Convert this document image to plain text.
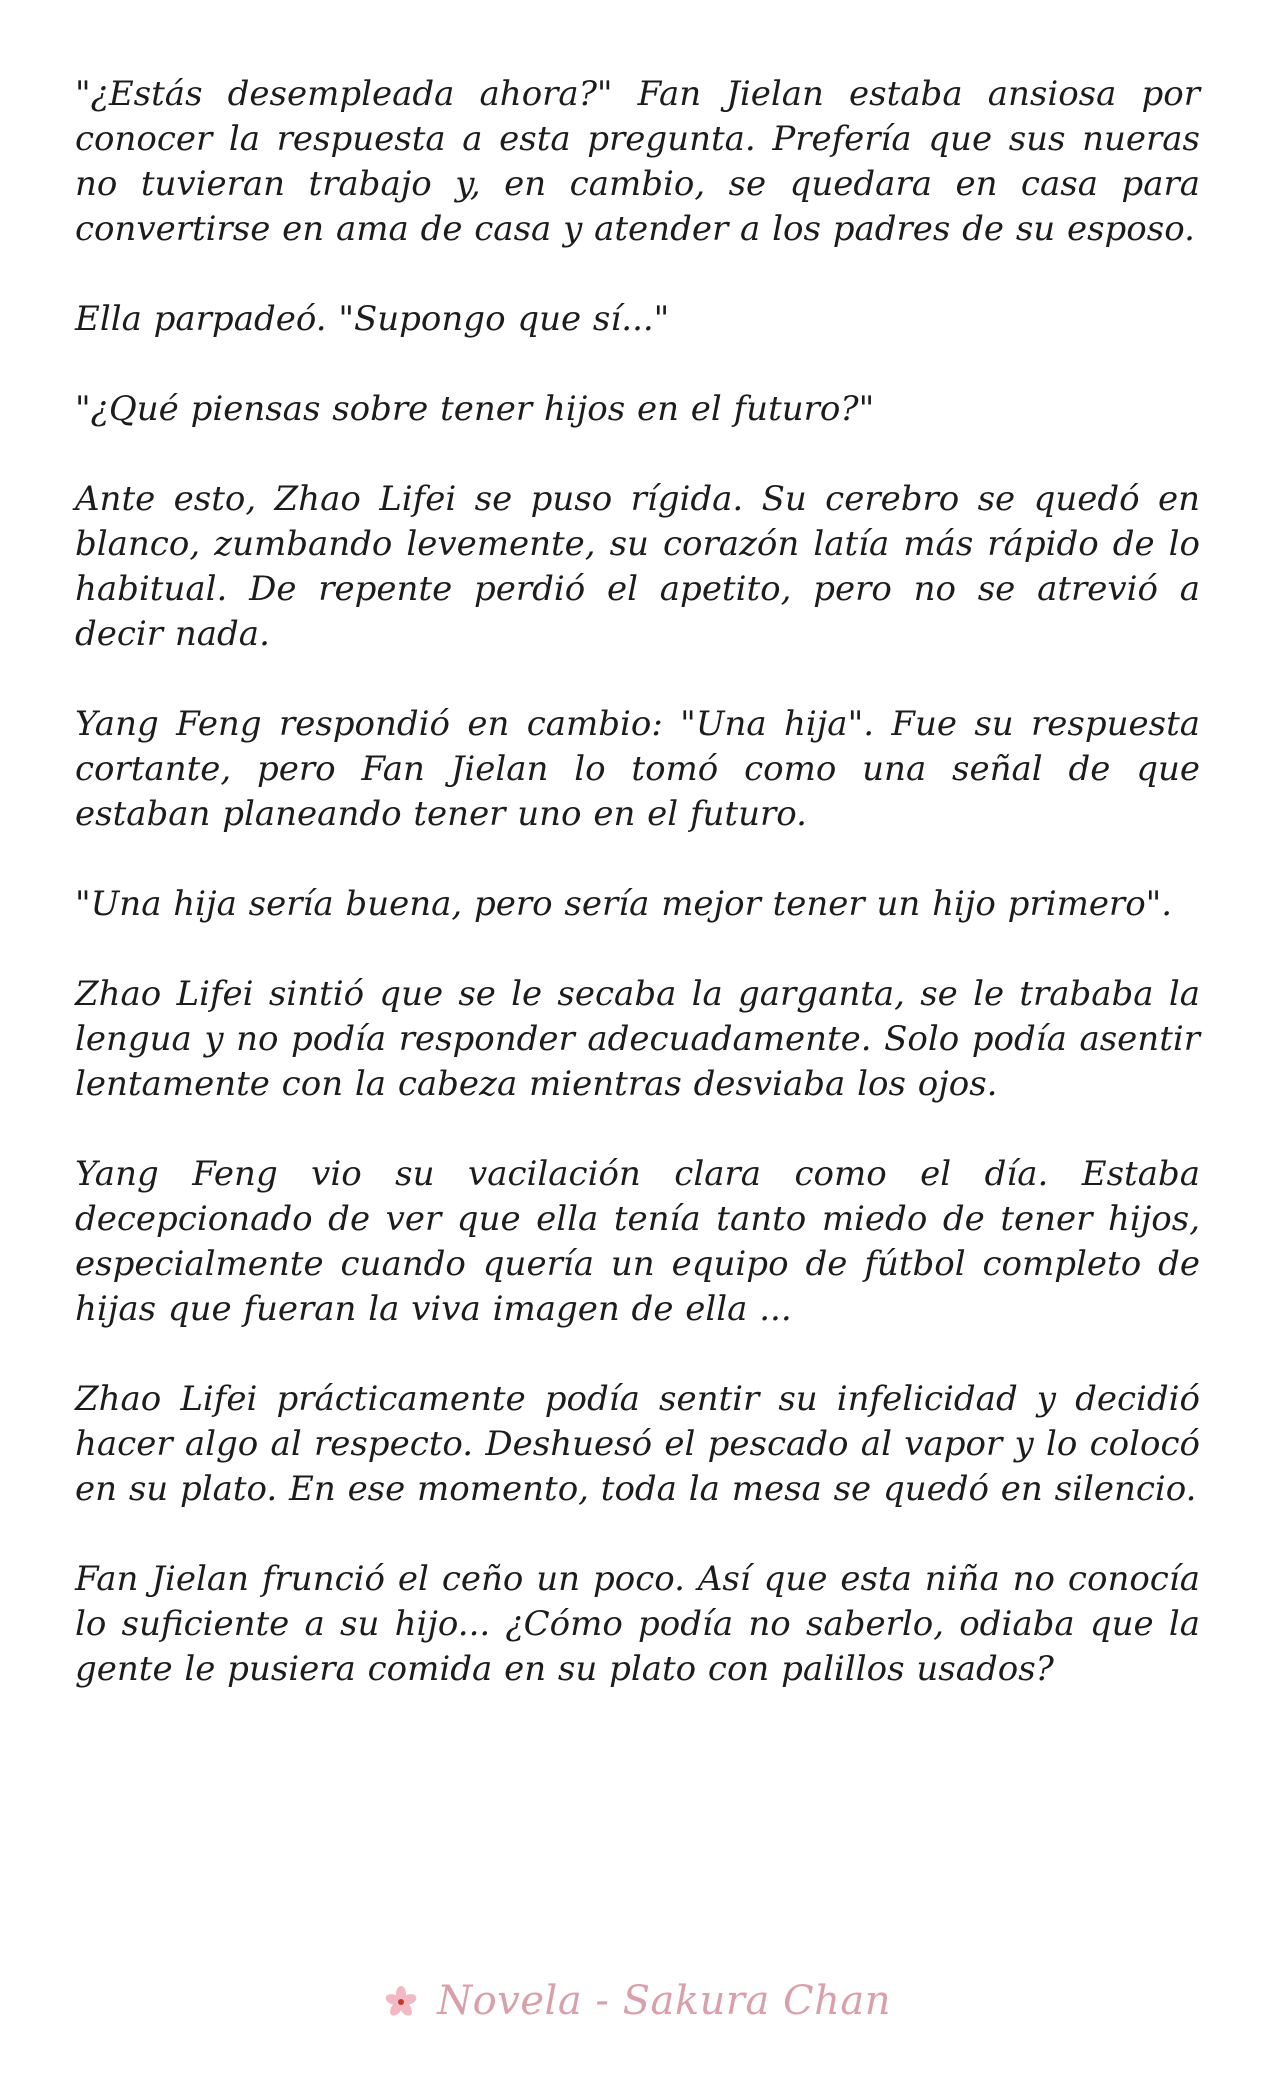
"¿Estás desempleada ahora?" Fan Jielan estaba ansiosa por conocer la respuesta a esta pregunta. Prefería que sus nueras no tuvieran trabajo y, en cambio, se quedara en casa para convertirse en ama de casa y atender a los padres de su esposo.

Ella parpadeó. "Supongo que sí..."

"¿Qué piensas sobre tener hijos en el futuro?"

Ante esto, Zhao Lifei se puso rígida. Su cerebro se quedó en blanco, zumbando levemente, su corazón latía más rápido de lo habitual. De repente perdió el apetito, pero no se atrevió a decir nada.

Yang Feng respondió en cambio: "Una hija". Fue su respuesta cortante, pero Fan Jielan lo tomó como una señal de que estaban planeando tener uno en el futuro.

"Una hija sería buena, pero sería mejor tener un hijo primero".

Zhao Lifei sintió que se le secaba la garganta, se le trababa la lengua y no podía responder adecuadamente. Solo podía asentir lentamente con la cabeza mientras desviaba los ojos.

Yang Feng vio su vacilación clara como el día. Estaba decepcionado de ver que ella tenía tanto miedo de tener hijos, especialmente cuando quería un equipo de fútbol completo de hijas que fueran la viva imagen de ella ...

Zhao Lifei prácticamente podía sentir su infelicidad y decidió hacer algo al respecto. Deshuesó el pescado al vapor y lo colocó en su plato. En ese momento, toda la mesa se quedó en silencio.

Fan Jielan frunció el ceño un poco. Así que esta niña no conocía lo suficiente a su hijo... ¿Cómo podía no saberlo, odiaba que la gente le pusiera comida en su plato con palillos usados?

Novela - Sakura Chan
